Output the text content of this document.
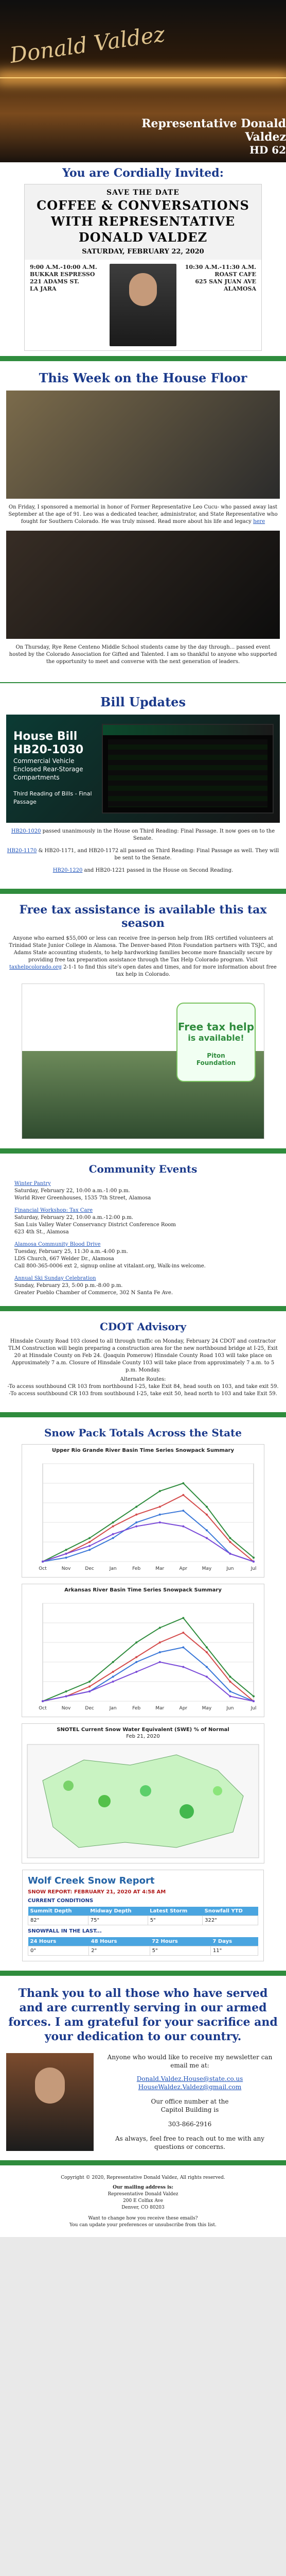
Donald Valdez
Representative Donald Valdez
HD 62
You are Cordially Invited:
SAVE THE DATE
COFFEE & CONVERSATIONS
WITH REPRESENTATIVE
DONALD VALDEZ
SATURDAY, FEBRUARY 22, 2020
9:00 A.M.-10:00 A.M.
BUKKAR ESPRESSO
221 ADAMS ST.
LA JARA
10:30 A.M.-11:30 A.M.
ROAST CAFE
625 SAN JUAN AVE
ALAMOSA
This Week on the House Floor

On Friday, I sponsored a memorial in honor of Former Representative Leo Cucu- who passed away last September at the age of 91. Leo was a dedicated teacher, administrator, and State Representative who fought for Southern Colorado. He was truly missed. Read more about his life and legacy here

On Thursday, Rye Rene Centeno Middle School students came by the day through... passed event hosted by the Colorado Association for Gifted and Talented. I am so thankful to anyone who supported the opportunity to meet and converse with the next generation of leaders.

Bill Updates
House Bill
HB20-1030
Commercial Vehicle
Enclosed Rear-Storage
Compartments
Third Reading of Bills - Final
Passage

HB20-1020 passed unanimously in the House on Third Reading: Final Passage. It now goes on to the Senate.

HB20-1170 & HB20-1171, and HB20-1172 all passed on Third Reading: Final Passage as well. They will be sent to the Senate.

HB20-1220 and HB20-1221 passed in the House on Second Reading.

Free tax assistance is available this tax season

Anyone who earned $55,000 or less can receive free in-person help from IRS certified volunteers at Trinidad State Junior College in Alamosa. The Denver-based Piton Foundation partners with TSJC, and Adams State accounting students, to help hardworking families become more financially secure by providing free tax preparation assistance through the Tax Help Colorado program. Visit taxhelpcolorado.org 2-1-1 to find this site's open dates and times, and for more information about free tax help in Colorado.

Free tax help
is available!
Piton
Foundation
Community Events
Winter Pantry
Saturday, February 22, 10:00 a.m.-1:00 p.m.
World River Greenhouses, 1535 7th Street, Alamosa
Financial Workshop: Tax Care
Saturday, February 22, 10:00 a.m.-12:00 p.m.
San Luis Valley Water Conservancy District Conference Room
623 4th St., Alamosa
Alamosa Community Blood Drive
Tuesday, February 25, 11:30 a.m.-4:00 p.m.
LDS Church, 667 Welder Dr., Alamosa
Call 800-365-0006 ext 2, signup online at vitalant.org, Walk-ins welcome.
Annual Ski Sunday Celebration
Sunday, February 23, 5:00 p.m.-8:00 p.m.
Greater Pueblo Chamber of Commerce, 302 N Santa Fe Ave.
CDOT Advisory

Hinsdale County Road 103 closed to all through traffic on Monday, February 24 CDOT and contractor TLM Construction will begin preparing a construction area for the new northbound bridge at I-25, Exit 20 at Hinsdale County on Feb 24. (Joaquin Pomerow) Hinsdale County Road 103 will take place on Approximately 7 a.m. Closure of Hinsdale County 103 will take place from approximately 7 a.m. to 5 p.m. Monday.

Alternate Routes:
-To access southbound CR 103 from northbound I-25, take Exit 84, head south on 103, and take exit 59.
-To access southbound CR 103 from southbound I-25, take exit 50, head north to 103 and take Exit 59.

Snow Pack Totals Across the State
Upper Rio Grande River Basin Time Series Snowpack Summary
Oct	Nov	Dec	Jan	Feb	Mar	Apr	May	Jun	Jul
Arkansas River Basin Time Series Snowpack Summary
Oct	Nov	Dec	Jan	Feb	Mar	Apr	May	Jun	Jul
SNOTEL Current Snow Water Equivalent (SWE) % of Normal
Feb 21, 2020
Wolf Creek Snow Report
SNOW REPORT: FEBRUARY 21, 2020 AT 4:58 AM
CURRENT CONDITIONS
Summit Depth	Midway Depth	Latest Storm	Snowfall YTD
82"	75"	5"	322"
SNOWFALL IN THE LAST...
24 Hours	48 Hours	72 Hours	7 Days
0"	2"	5"	11"
Thank you to all those who have served and are currently serving in our armed forces. I am grateful for your sacrifice and your dedication to our country.
Anyone who would like to receive my newsletter can email me at:
Donald.Valdez.House@state.co.us
HouseWaldez.Valdez@gmail.com
Our office number at the
Capitol Building is
303-866-2916
As always, feel free to reach out to me with any questions or concerns.
Copyright © 2020, Representative Donald Valdez, All rights reserved.
Our mailing address is:
Representative Donald Valdez
200 E Colfax Ave
Denver, CO 80203
Want to change how you receive these emails?
You can update your preferences or unsubscribe from this list.
